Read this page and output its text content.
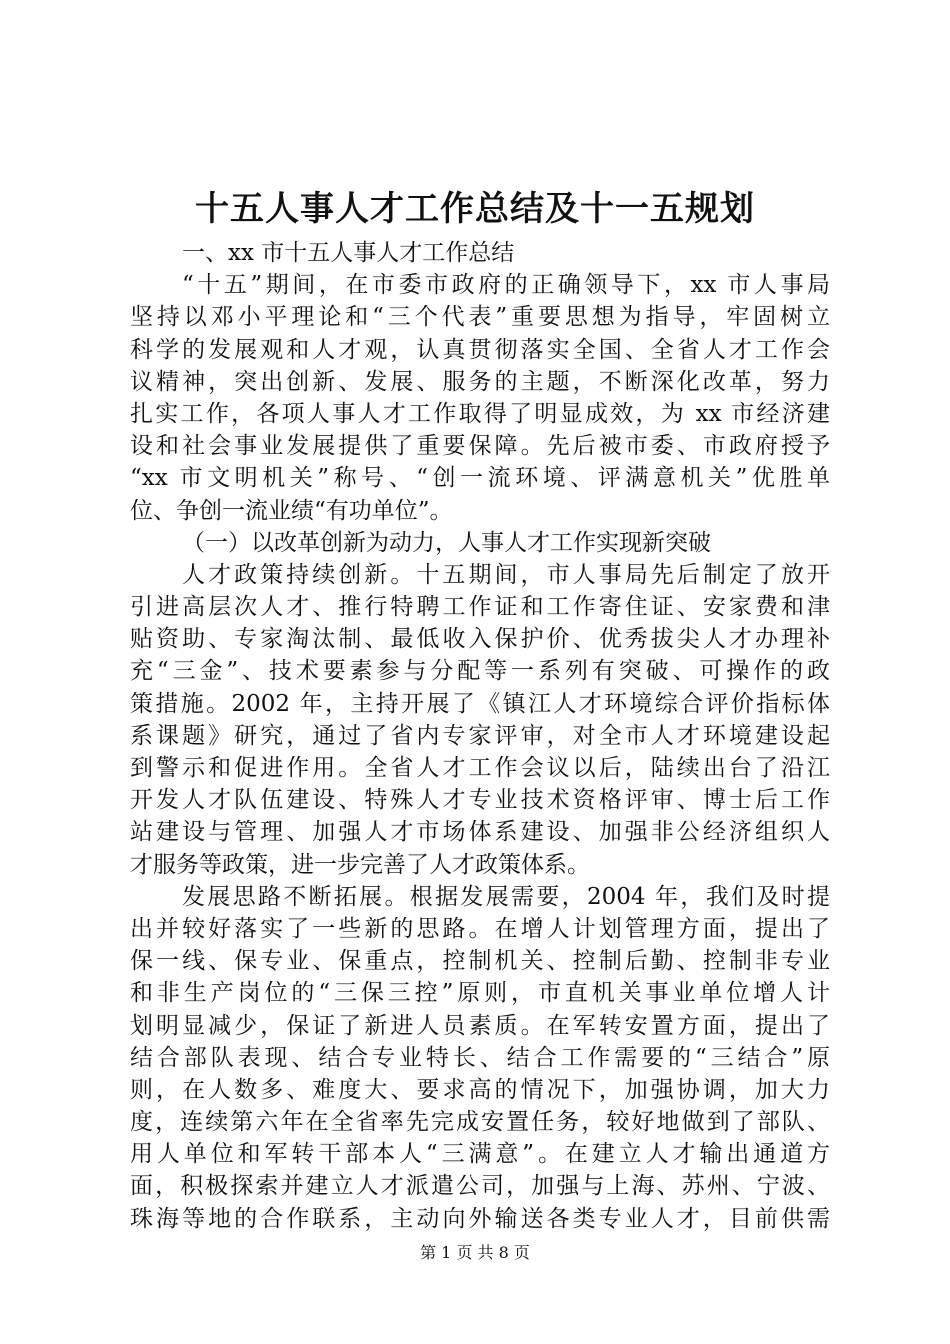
十五人事人才工作总结及十一五规划
一、xx 市十五人事人才工作总结
“十五”期间，在市委市政府的正确领导下，xx 市人事局
坚持以邓小平理论和“三个代表”重要思想为指导，牢固树立
科学的发展观和人才观，认真贯彻落实全国、全省人才工作会
议精神，突出创新、发展、服务的主题，不断深化改革，努力
扎实工作，各项人事人才工作取得了明显成效，为 xx 市经济建
设和社会事业发展提供了重要保障。先后被市委、市政府授予
“xx 市文明机关”称号、“创一流环境、评满意机关”优胜单
位、争创一流业绩“有功单位”。
（一）以改革创新为动力，人事人才工作实现新突破
人才政策持续创新。十五期间，市人事局先后制定了放开
引进高层次人才、推行特聘工作证和工作寄住证、安家费和津
贴资助、专家淘汰制、最低收入保护价、优秀拔尖人才办理补
充“三金”、技术要素参与分配等一系列有突破、可操作的政
策措施。2002 年，主持开展了《镇江人才环境综合评价指标体
系课题》研究，通过了省内专家评审，对全市人才环境建设起
到警示和促进作用。全省人才工作会议以后，陆续出台了沿江
开发人才队伍建设、特殊人才专业技术资格评审、博士后工作
站建设与管理、加强人才市场体系建设、加强非公经济组织人
才服务等政策，进一步完善了人才政策体系。
发展思路不断拓展。根据发展需要，2004 年，我们及时提
出并较好落实了一些新的思路。在增人计划管理方面，提出了
保一线、保专业、保重点，控制机关、控制后勤、控制非专业
和非生产岗位的“三保三控”原则，市直机关事业单位增人计
划明显减少，保证了新进人员素质。在军转安置方面，提出了
结合部队表现、结合专业特长、结合工作需要的“三结合”原
则，在人数多、难度大、要求高的情况下，加强协调，加大力
度，连续第六年在全省率先完成安置任务，较好地做到了部队、
用人单位和军转干部本人“三满意”。在建立人才输出通道方
面，积极探索并建立人才派遣公司，加强与上海、苏州、宁波、
珠海等地的合作联系，主动向外输送各类专业人才，目前供需
第 1 页 共 8 页
